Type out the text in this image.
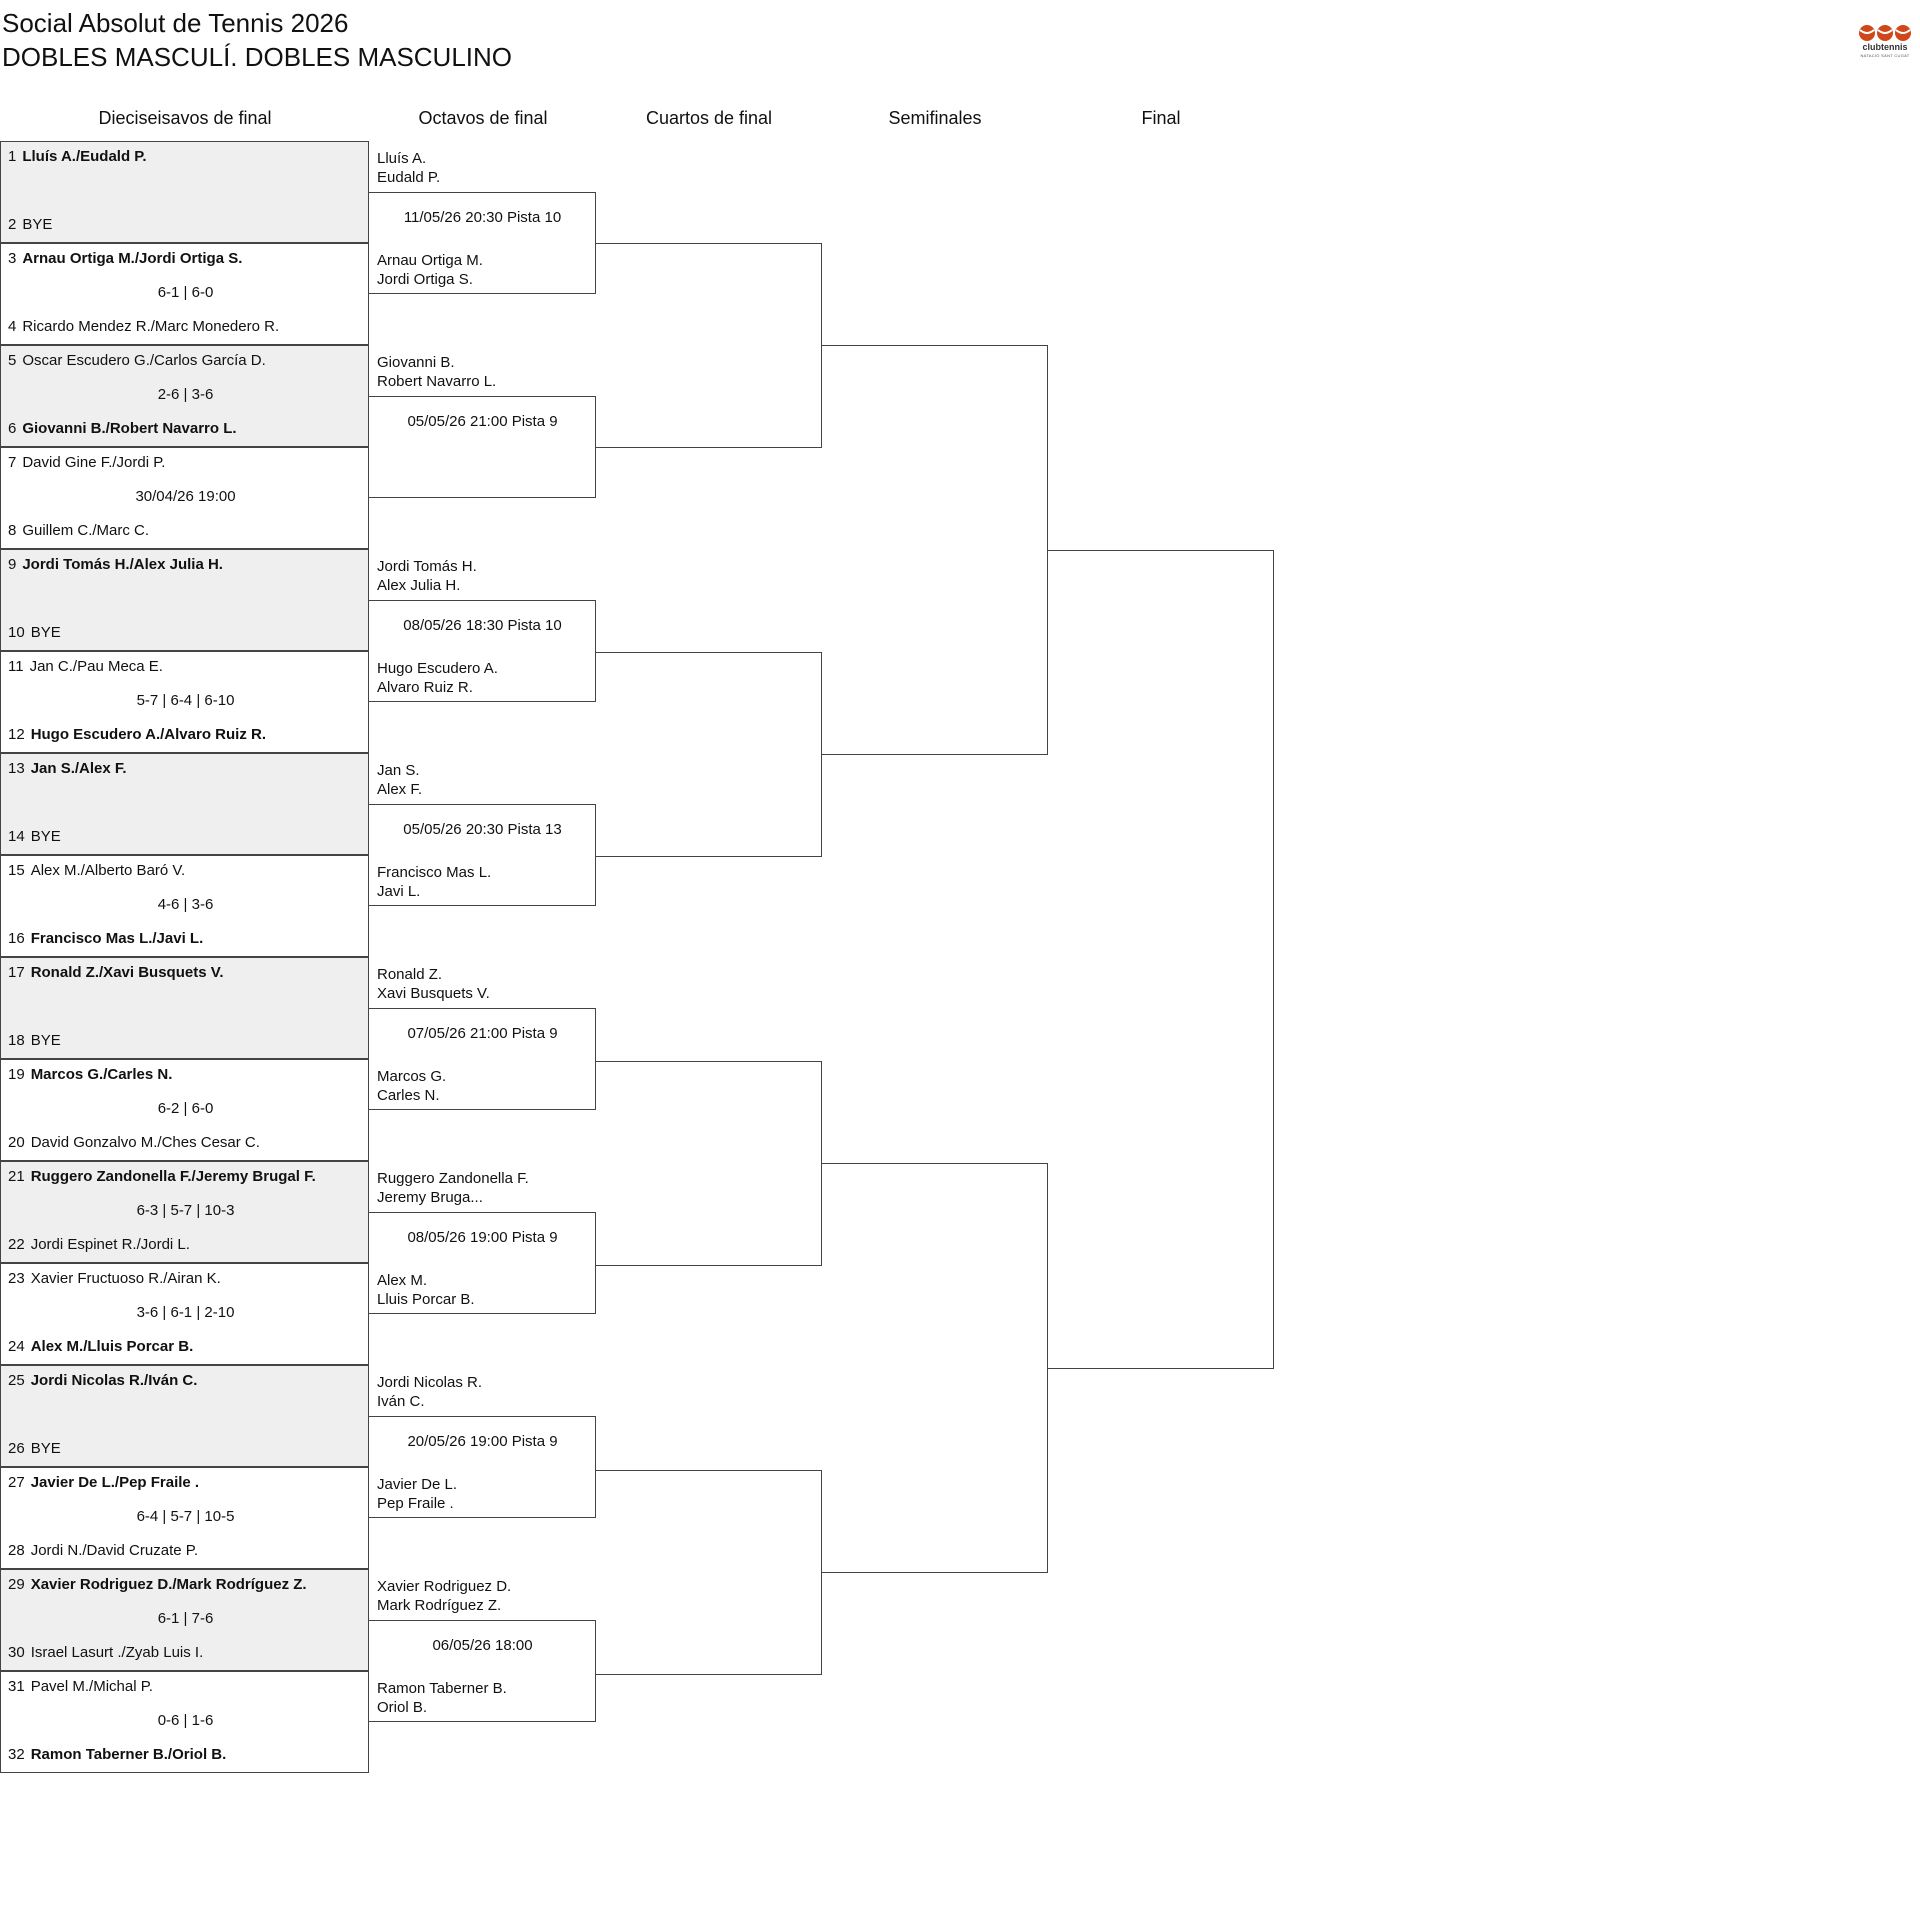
Social Absolut de Tennis 2026
DOBLES MASCULÍ. DOBLES MASCULINO	clubtennis
NATACIÓ SANT CUGAT
Dieciseisavos de final	Octavos de final	Cuartos de final	Semifinales	Final
1 Lluís A./Eudald P.
2 BYE
3 Arnau Ortiga M./Jordi Ortiga S.
4 Ricardo Mendez R./Marc Monedero R.
6-1 | 6-0
5 Oscar Escudero G./Carlos García D.
6 Giovanni B./Robert Navarro L.
2-6 | 3-6
7 David Gine F./Jordi P.
8 Guillem C./Marc C.
30/04/26 19:00
9 Jordi Tomás H./Alex Julia H.
10 BYE
11 Jan C./Pau Meca E.
12 Hugo Escudero A./Alvaro Ruiz R.
5-7 | 6-4 | 6-10
13 Jan S./Alex F.
14 BYE
15 Alex M./Alberto Baró V.
16 Francisco Mas L./Javi L.
4-6 | 3-6
17 Ronald Z./Xavi Busquets V.
18 BYE
19 Marcos G./Carles N.
20 David Gonzalvo M./Ches Cesar C.
6-2 | 6-0
21 Ruggero Zandonella F./Jeremy Brugal F.
22 Jordi Espinet R./Jordi L.
6-3 | 5-7 | 10-3
23 Xavier Fructuoso R./Airan K.
24 Alex M./Lluis Porcar B.
3-6 | 6-1 | 2-10
25 Jordi Nicolas R./Iván C.
26 BYE
27 Javier De L./Pep Fraile .
28 Jordi N./David Cruzate P.
6-4 | 5-7 | 10-5
29 Xavier Rodriguez D./Mark Rodríguez Z.
30 Israel Lasurt ./Zyab Luis I.
6-1 | 7-6
31 Pavel M./Michal P.
32 Ramon Taberner B./Oriol B.
0-6 | 1-6
Lluís A.
Eudald P.
Arnau Ortiga M.
Jordi Ortiga S.
11/05/26 20:30 Pista 10
Giovanni B.
Robert Navarro L.
05/05/26 21:00 Pista 9
Jordi Tomás H.
Alex Julia H.
Hugo Escudero A.
Alvaro Ruiz R.
08/05/26 18:30 Pista 10
Jan S.
Alex F.
Francisco Mas L.
Javi L.
05/05/26 20:30 Pista 13
Ronald Z.
Xavi Busquets V.
Marcos G.
Carles N.
07/05/26 21:00 Pista 9
Ruggero Zandonella F.
Jeremy Bruga...
Alex M.
Lluis Porcar B.
08/05/26 19:00 Pista 9
Jordi Nicolas R.
Iván C.
Javier De L.
Pep Fraile .
20/05/26 19:00 Pista 9
Xavier Rodriguez D.
Mark Rodríguez Z.
Ramon Taberner B.
Oriol B.
06/05/26 18:00
